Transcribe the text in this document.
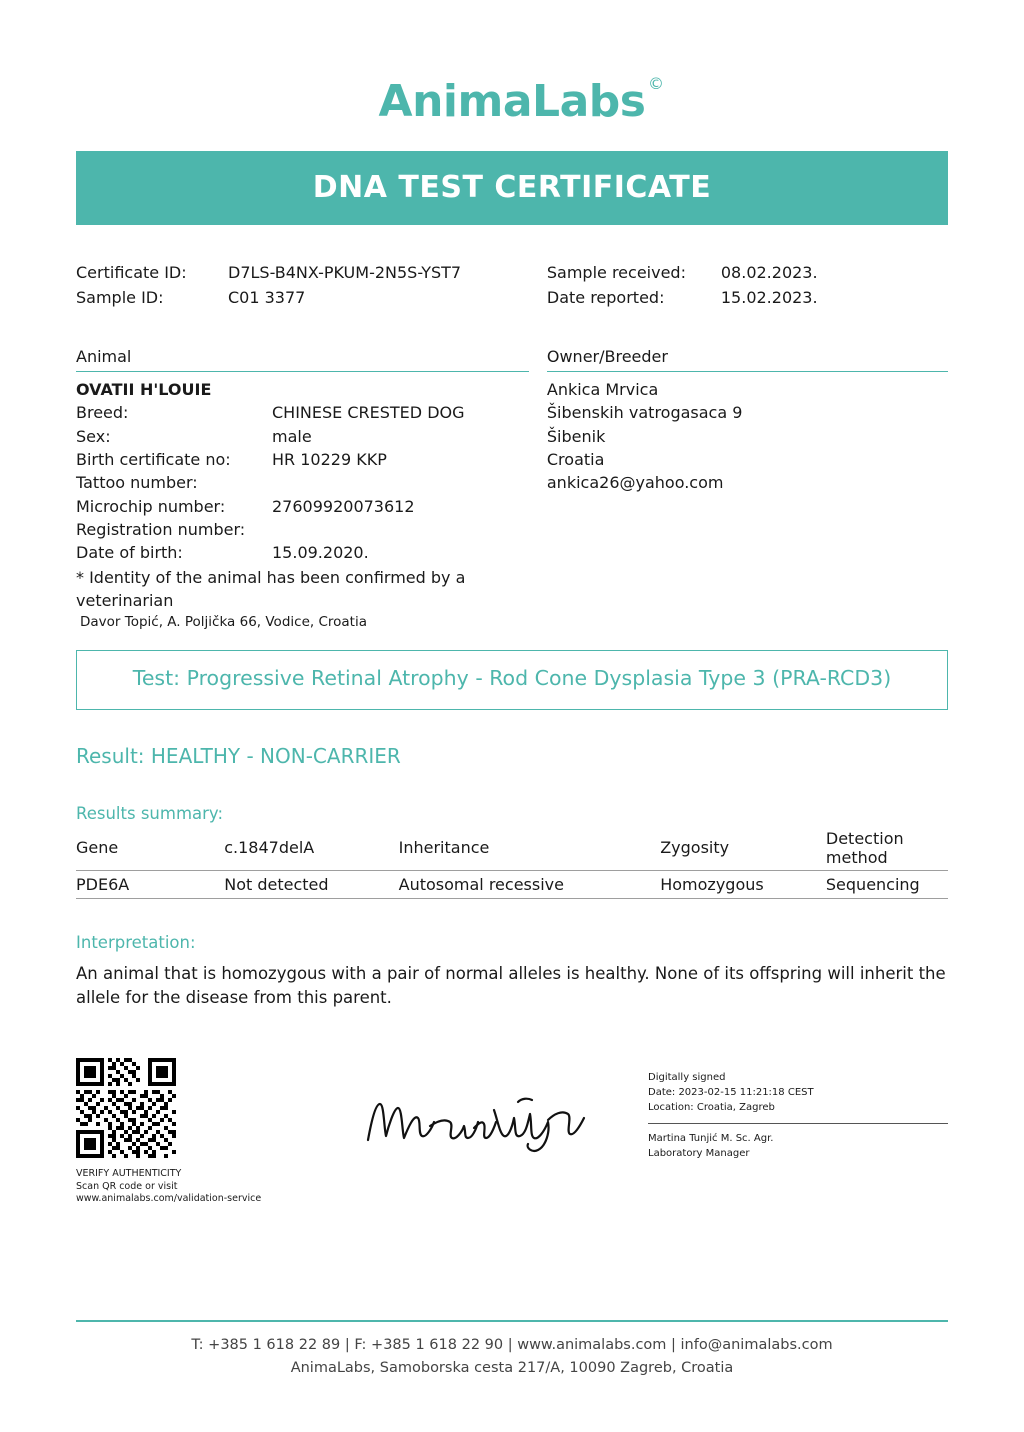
AnimaLabs ©
DNA TEST CERTIFICATE
Certificate ID:	D7LS-B4NX-PKUM-2N5S-YST7
Sample ID:	C01 3377
Sample received:	08.02.2023.
Date reported:	15.02.2023.
Animal
OVATII H'LOUIE
Breed:	CHINESE CRESTED DOG
Sex:	male
Birth certificate no:	HR 10229 KKP
Tattoo number:
Microchip number:	27609920073612
Registration number:
Date of birth:	15.09.2020.
* Identity of the animal has been confirmed by a veterinarian
Davor Topić, A. Poljička 66, Vodice, Croatia
Owner/Breeder
Ankica Mrvica
Šibenskih vatrogasaca 9
Šibenik
Croatia
ankica26@yahoo.com
Test: Progressive Retinal Atrophy - Rod Cone Dysplasia Type 3 (PRA-RCD3)
Result: HEALTHY - NON-CARRIER
Results summary:
Gene	c.1847delA	Inheritance	Zygosity	Detection method
PDE6A	Not detected	Autosomal recessive	Homozygous	Sequencing
Interpretation:
An animal that is homozygous with a pair of normal alleles is healthy. None of its offspring will inherit the allele for the disease from this parent.
VERIFY AUTHENTICITY
Scan QR code or visit
www.animalabs.com/validation-service
Digitally signed
Date: 2023-02-15 11:21:18 CEST
Location: Croatia, Zagreb
Martina Tunjić M. Sc. Agr.
Laboratory Manager
T: +385 1 618 22 89 | F: +385 1 618 22 90 | www.animalabs.com | info@animalabs.com
AnimaLabs, Samoborska cesta 217/A, 10090 Zagreb, Croatia
